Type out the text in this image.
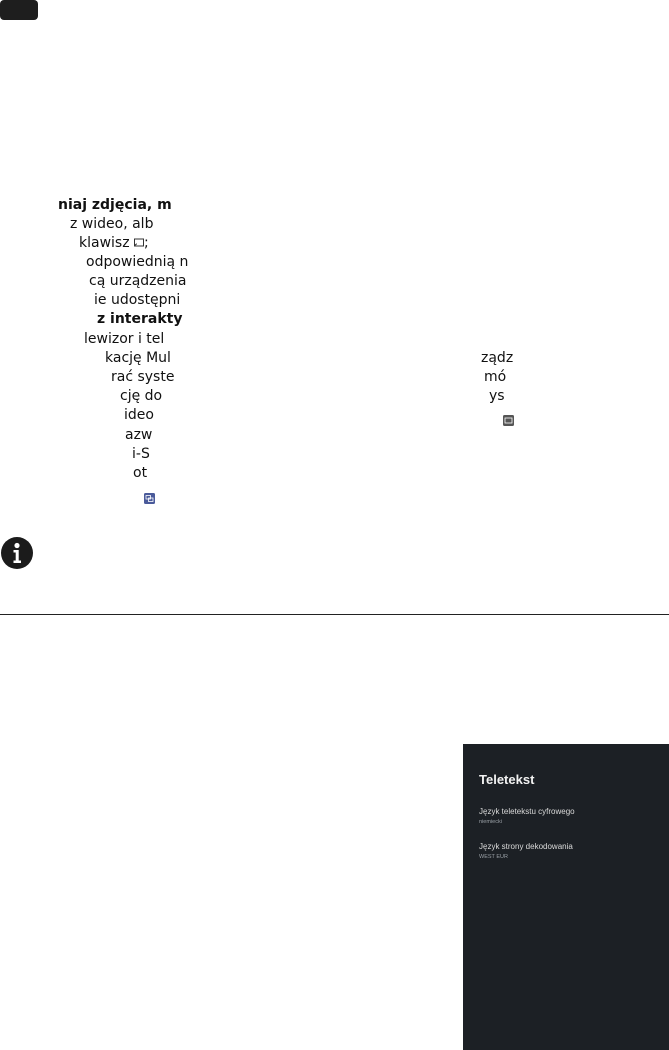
niaj zdjęcia, m
z wideo, alb
klawisz ;
odpowiednią n
cą urządzenia
ie udostępni
z interakty
lewizor i tel
kację Mul
rać syste
cję do
ideo
azw
i-S
ot
ządz
mó
ys
Teletekst
Język teletekstu cyfrowego
niemiecki
Język strony dekodowania
WEST EUR
